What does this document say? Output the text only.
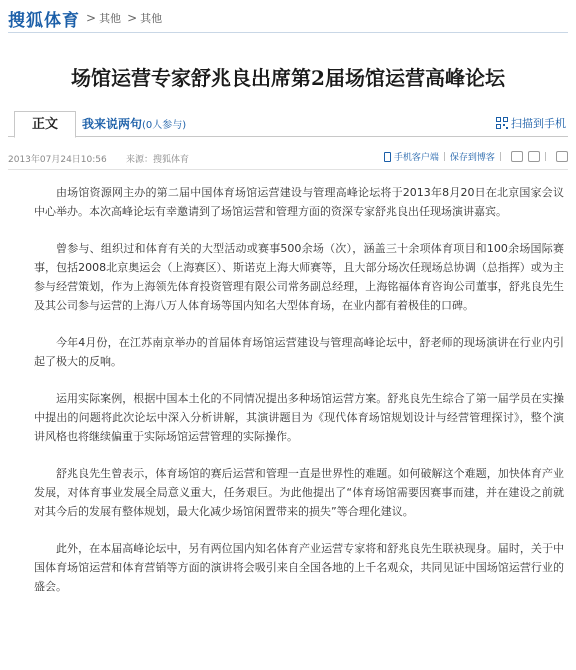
搜狐体育 > 其他 > 其他
场馆运营专家舒兆良出席第2届场馆运营高峰论坛
正文	我来说两句(0人参与)	扫描到手机
2013年07月24日10:56 来源：搜狐体育	手机客户端 | 保存到博客 |	|

由场馆资源网主办的第二届中国体育场馆运营建设与管理高峰论坛将于2013年8月20日在北京国家会议中心举办。本次高峰论坛有幸邀请到了场馆运营和管理方面的资深专家舒兆良出任现场演讲嘉宾。

曾参与、组织过和体育有关的大型活动或赛事500余场（次），涵盖三十余项体育项目和100余场国际赛事，包括2008北京奥运会（上海赛区）、斯诺克上海大师赛等，且大部分场次任现场总协调（总指挥）或为主参与经营策划，作为上海领先体育投资管理有限公司常务副总经理，上海铭福体育咨询公司董事，舒兆良先生及其公司参与运营的上海八万人体育场等国内知名大型体育场，在业内都有着极佳的口碑。

今年4月份，在江苏南京举办的首届体育场馆运营建设与管理高峰论坛中，舒老师的现场演讲在行业内引起了极大的反响。

运用实际案例，根据中国本土化的不同情况提出多种场馆运营方案。舒兆良先生综合了第一届学员在实操中提出的问题将此次论坛中深入分析讲解，其演讲题目为《现代体育场馆规划设计与经营管理探讨》，整个演讲风格也将继续偏重于实际场馆运营管理的实际操作。

舒兆良先生曾表示，体育场馆的赛后运营和管理一直是世界性的难题。如何破解这个难题，加快体育产业发展，对体育事业发展全局意义重大，任务艰巨。为此他提出了“体育场馆需要因赛事而建，并在建设之前就对其今后的发展有整体规划，最大化减少场馆闲置带来的损失”等合理化建议。

此外，在本届高峰论坛中，另有两位国内知名体育产业运营专家将和舒兆良先生联袂现身。届时，关于中国体育场馆运营和体育营销等方面的演讲将会吸引来自全国各地的上千名观众，共同见证中国场馆运营行业的盛会。
